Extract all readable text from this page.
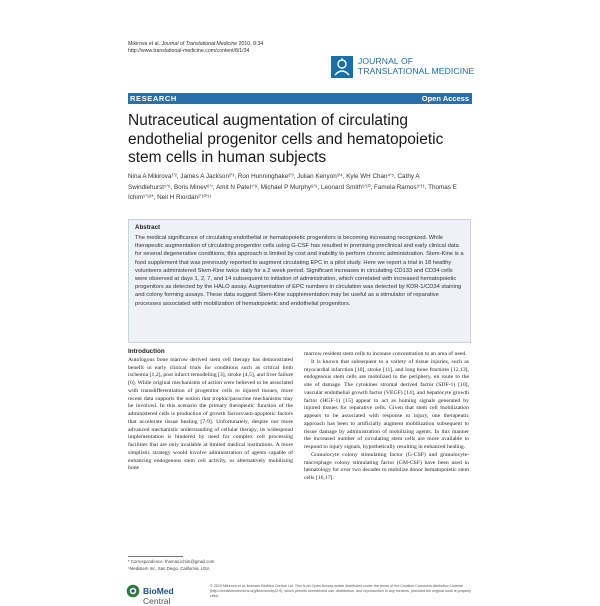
Mikirova et al. Journal of Translational Medicine 2010, 8:34
http://www.translational-medicine.com/content/8/1/34
JOURNAL OF
TRANSLATIONAL MEDICINE
RESEARCH	Open Access
Nutraceutical augmentation of circulating endothelial progenitor cells and hematopoietic stem cells in human subjects
Nina A Mikirova¹'², James A Jackson²'³, Ron Hunninghake²'³, Julian Kenyon³'⁴, Kyle WH Chan⁴'⁵, Cathy A Swindlehurst⁵'⁶, Boris Minev⁶'⁷, Amit N Patel⁷'⁸, Michael P Murphy⁸'⁹, Leonard Smith⁹'¹⁰, Famela Ramos⁹'¹¹, Thomas E Ichim⁹'¹²*, Neil H Riordan¹'¹⁰'¹¹
Abstract
The medical significance of circulating endothelial or hematopoietic progenitors is becoming increasing recognized. While therapeutic augmentation of circulating progenitor cells using G-CSF has resulted in promising preclinical and early clinical data for several degenerative conditions, this approach is limited by cost and inability to perform chronic administration. Stem-Kine is a food supplement that was previously reported to augment circulating EPC in a pilot study. Here we report a trial in 18 healthy volunteers administered Stem-Kine twice daily for a 2 week period. Significant increases in circulating CD133 and CD34 cells were observed at days 1, 2, 7, and 14 subsequent to initiation of administration, which correlated with increased hematopoietic progenitors as detected by the HALO assay. Augmentation of EPC numbers in circulation was detected by KDR-1/CD34 staining and colony forming assays. These data suggest Stem-Kine supplementation may be useful as a stimulator of reparative processes associated with mobilization of hematopoietic and endothelial progenitors.
Introduction

Autologous bone marrow derived stem cell therapy has demonstrated benefit in early clinical trials for conditions such as critical limb ischemia [1,2], post infarct remodeling [3], stroke [4,5], and liver failure [6]. While original mechanisms of action were believed to be associated with transdifferentiation of progenitor cells to injured tissues, more recent data supports the notion that trophic/paracrine mechanisms may be involved. In this scenario the primary therapeutic function of the administered cells is production of growth factors/anti-apoptotic factors that accelerate tissue healing [7-9]. Unfortunately, despite our more advanced mechanistic understanding of cellular therapy, its widespread implementation is hindered by need for complex cell processing facilities that are only available at limited medical institutions. A more simplistic strategy would involve administration of agents capable of enhancing endogenous stem cell activity, or alternatively mobilizing bone

marrow resident stem cells to increase concentration to an area of need.

It is known that subsequent to a variety of tissue injuries, such as myocardial infarction [10], stroke [11], and long bone fractures [12,13], endogenous stem cells are mobilized to the periphery, en route to the site of damage. The cytokines stromal derived factor (SDF-1) [10], vascular endothelial growth factor (VEGF) [14], and hepatocyte growth factor (HGF-1) [15] appear to act as homing signals generated by injured tissues for reparative cells. Given that stem cell mobilization appears to be associated with response to injury, one therapeutic approach has been to artificially augment mobilization subsequent to tissue damage by administration of mobilizing agents. In this manner the increased number of circulating stem cells are more available to respond to injury signals, hypothetically resulting in enhanced healing.

Granulocyte colony stimulating factor (G-CSF) and granulocyte-macrophage colony stimulating factor (GM-CSF) have been used in hematology for over two decades to mobilize donor hematopoietic stem cells [16,17].

* Correspondence: thomas.ichim@gmail.com
⁹Medistem Inc, San Diego, California, USA
BioMed Central
© 2010 Mikirova et al; licensee BioMed Central Ltd. This is an Open Access article distributed under the terms of the Creative Commons Attribution License (http://creativecommons.org/licenses/by/2.0), which permits unrestricted use, distribution, and reproduction in any medium, provided the original work is properly cited.
